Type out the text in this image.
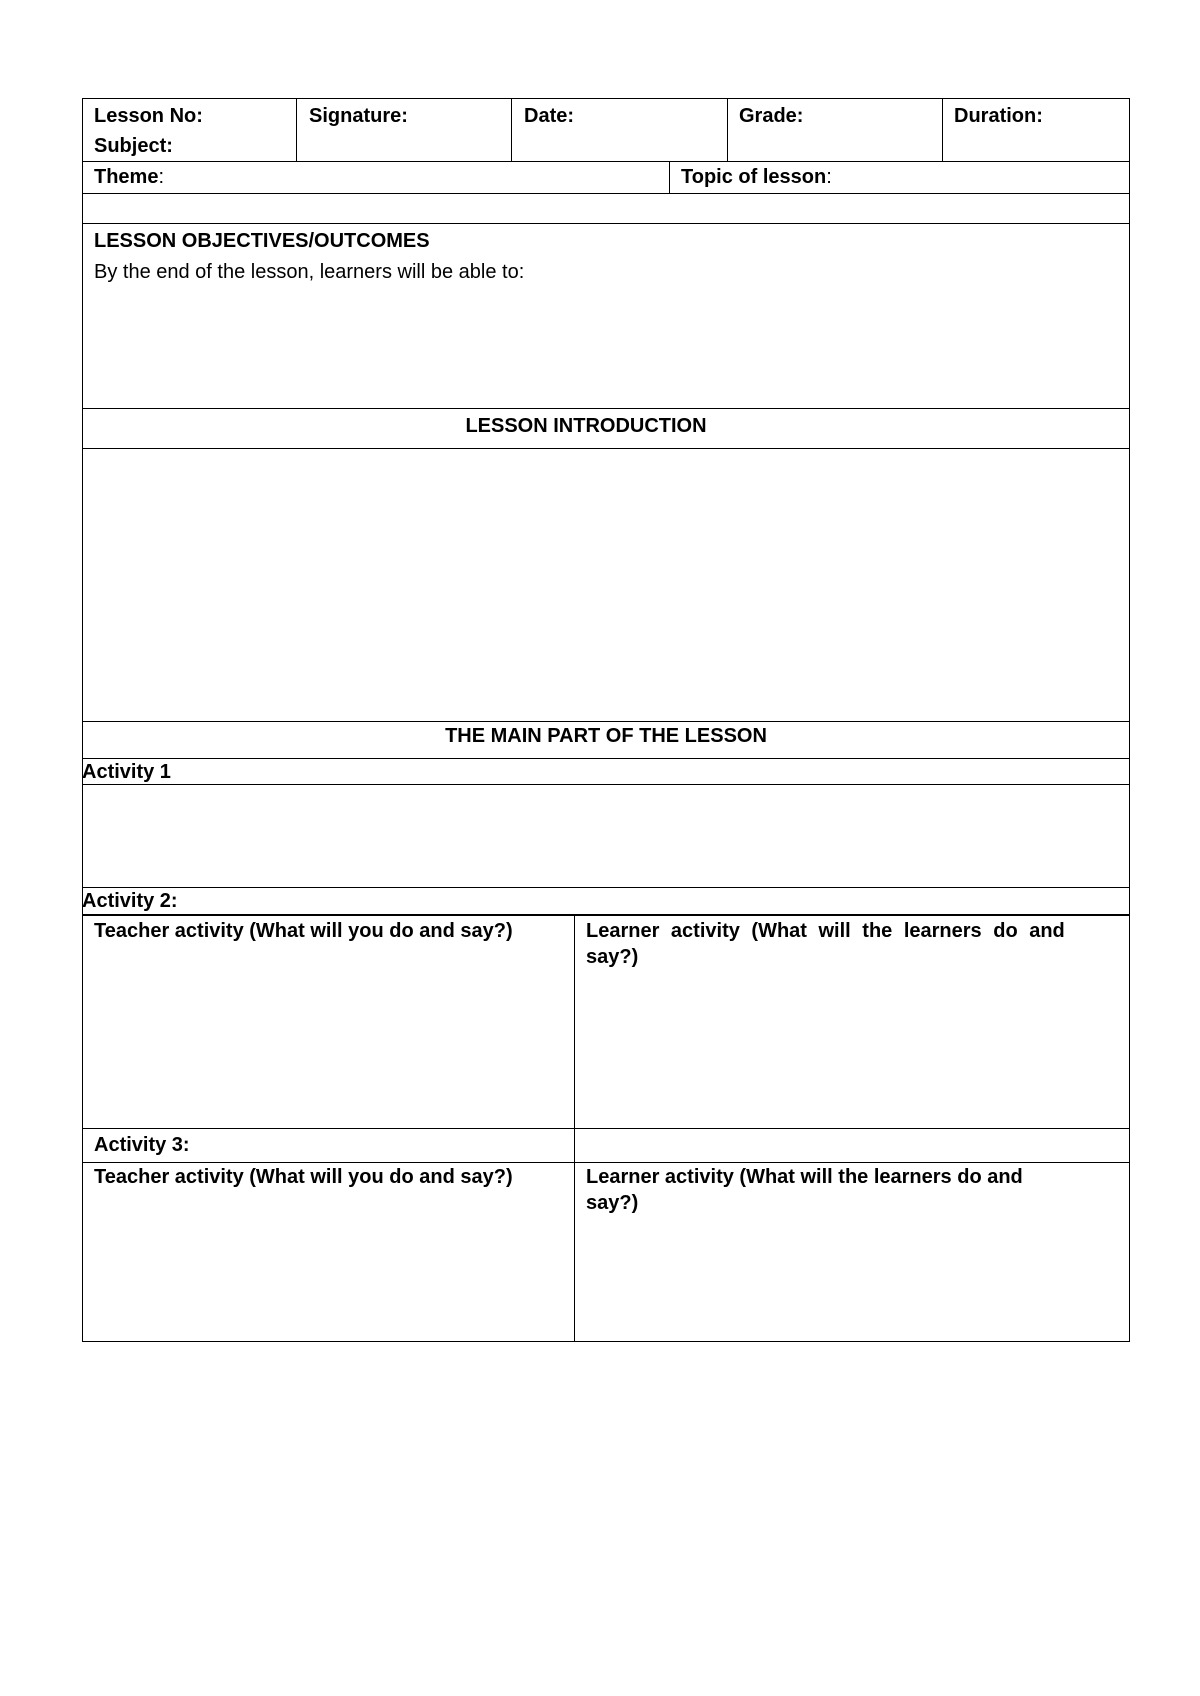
Lesson No:
Subject:
Signature:	Date:	Grade:	Duration:
Theme:	Topic of lesson:
LESSON OBJECTIVES/OUTCOMES
By the end of the lesson, learners will be able to:
LESSON INTRODUCTION
THE MAIN PART OF THE LESSON
Activity 1
Activity 2:
Teacher activity (What will you do and say?)	Learner activity (What will the learners do and
say?)
Activity 3:
Teacher activity (What will you do and say?)	Learner activity (What will the learners do and
say?)
